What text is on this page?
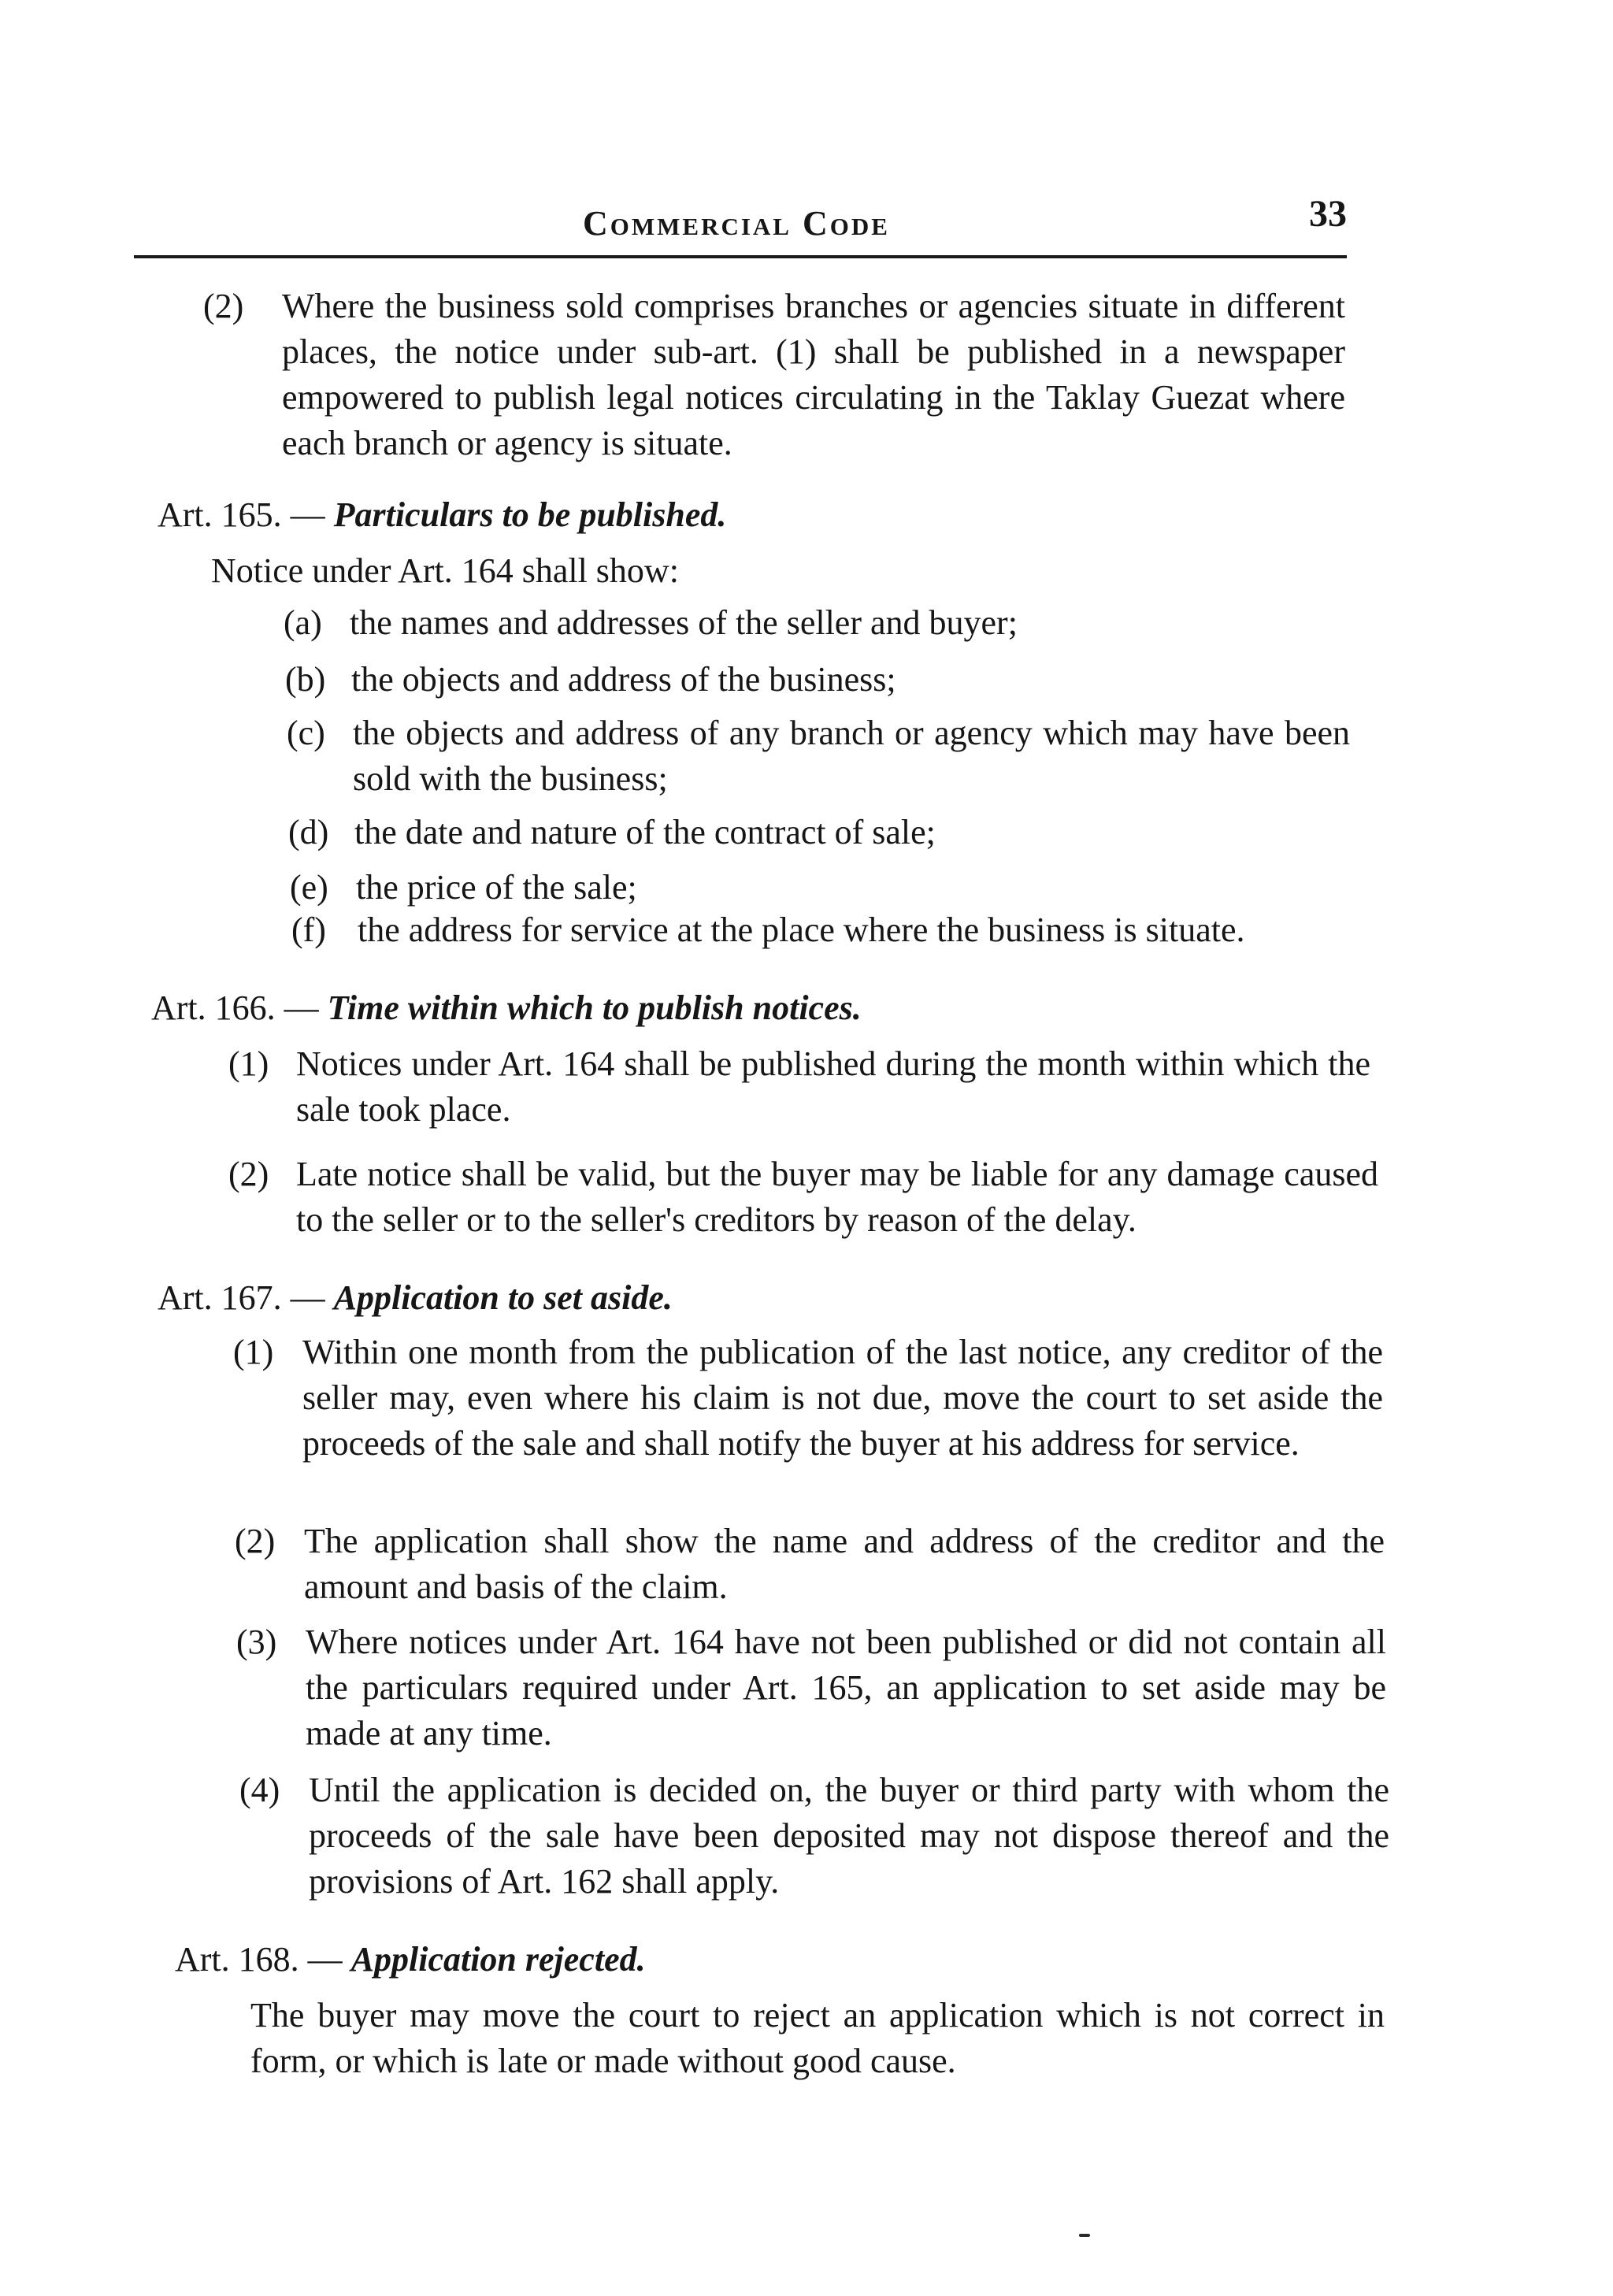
Commercial Code	33
(2) Where the business sold comprises branches or agencies situate in different places, the notice under sub-art. (1) shall be published in a newspaper empowered to publish legal notices circulating in the Taklay Guezat where each branch or agency is situate.
Art. 165. — Particulars to be published.
Notice under Art. 164 shall show:
(a) the names and addresses of the seller and buyer;
(b) the objects and address of the business;
(c) the objects and address of any branch or agency which may have been sold with the business;
(d) the date and nature of the contract of sale;
(e) the price of the sale;
(f) the address for service at the place where the business is situate.
Art. 166. — Time within which to publish notices.
(1) Notices under Art. 164 shall be published during the month within which the sale took place.
(2) Late notice shall be valid, but the buyer may be liable for any damage caused to the seller or to the seller's creditors by reason of the delay.
Art. 167. — Application to set aside.
(1) Within one month from the publication of the last notice, any creditor of the seller may, even where his claim is not due, move the court to set aside the proceeds of the sale and shall notify the buyer at his address for service.
(2) The application shall show the name and address of the creditor and the amount and basis of the claim.
(3) Where notices under Art. 164 have not been published or did not contain all the particulars required under Art. 165, an application to set aside may be made at any time.
(4) Until the application is decided on, the buyer or third party with whom the proceeds of the sale have been deposited may not dispose thereof and the provisions of Art. 162 shall apply.
Art. 168. — Application rejected.
The buyer may move the court to reject an application which is not correct in form, or which is late or made without good cause.
